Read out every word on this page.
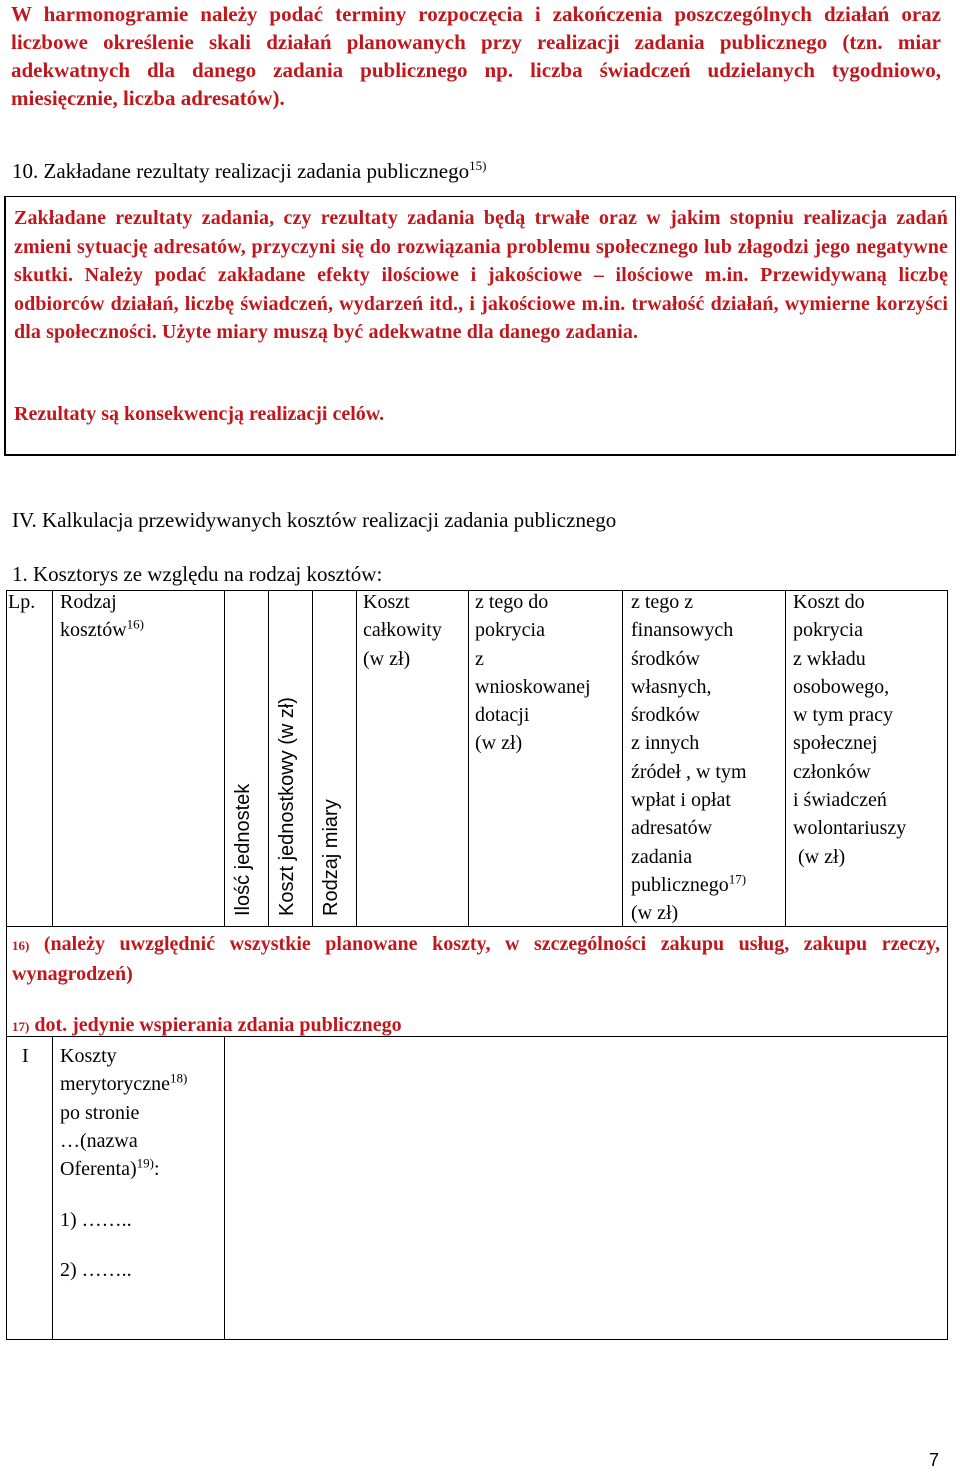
W harmonogramie należy podać terminy rozpoczęcia i zakończenia poszczególnych działań oraz liczbowe określenie skali działań planowanych przy realizacji zadania publicznego (tzn. miar adekwatnych dla danego zadania publicznego np. liczba świadczeń udzielanych tygodniowo, miesięcznie, liczba adresatów).

10. Zakładane rezultaty realizacji zadania publicznego$^{15)}$

Zakładane rezultaty zadania, czy rezultaty zadania będą trwałe oraz w jakim stopniu realizacja zadań zmieni sytuację adresatów, przyczyni się do rozwiązania problemu społecznego lub złagodzi jego negatywne skutki. Należy podać zakładane efekty ilościowe i jakościowe – ilościowe m.in. Przewidywaną liczbę odbiorców działań, liczbę świadczeń, wydarzeń itd., i jakościowe m.in. trwałość działań, wymierne korzyści dla społeczności. Użyte miary muszą być adekwatne dla danego zadania.

Rezultaty są konsekwencją realizacji celów.

IV. Kalkulacja przewidywanych kosztów realizacji zadania publicznego

1. Kosztorys ze względu na rodzaj kosztów:

Lp. Rodzaj
kosztów$^{16)}$
Ilość jednostek Koszt jednostkowy (w zł) Rodzaj miary
Koszt
całkowity
(w zł)
z tego do
pokrycia
z
wnioskowanej
dotacji
(w zł)
z tego z
finansowych
środków
własnych,
środków
z innych
źródeł , w tym
wpłat i opłat
adresatów
zadania
publicznego$^{17)}$
(w zł)
Koszt do
pokrycia
z wkładu
osobowego,
w tym pracy
społecznej
członków
i świadczeń
wolontariuszy
(w zł)

I Koszty
merytoryczne$^{18)}$
po stronie
…(nazwa
Oferenta)$^{19)}$:

1) ……..

2) ……..

16) (należy uwzględnić wszystkie planowane koszty, w szczególności zakupu usług, zakupu rzeczy, wynagrodzeń)

17) dot. jedynie wspierania zdania publicznego

7
